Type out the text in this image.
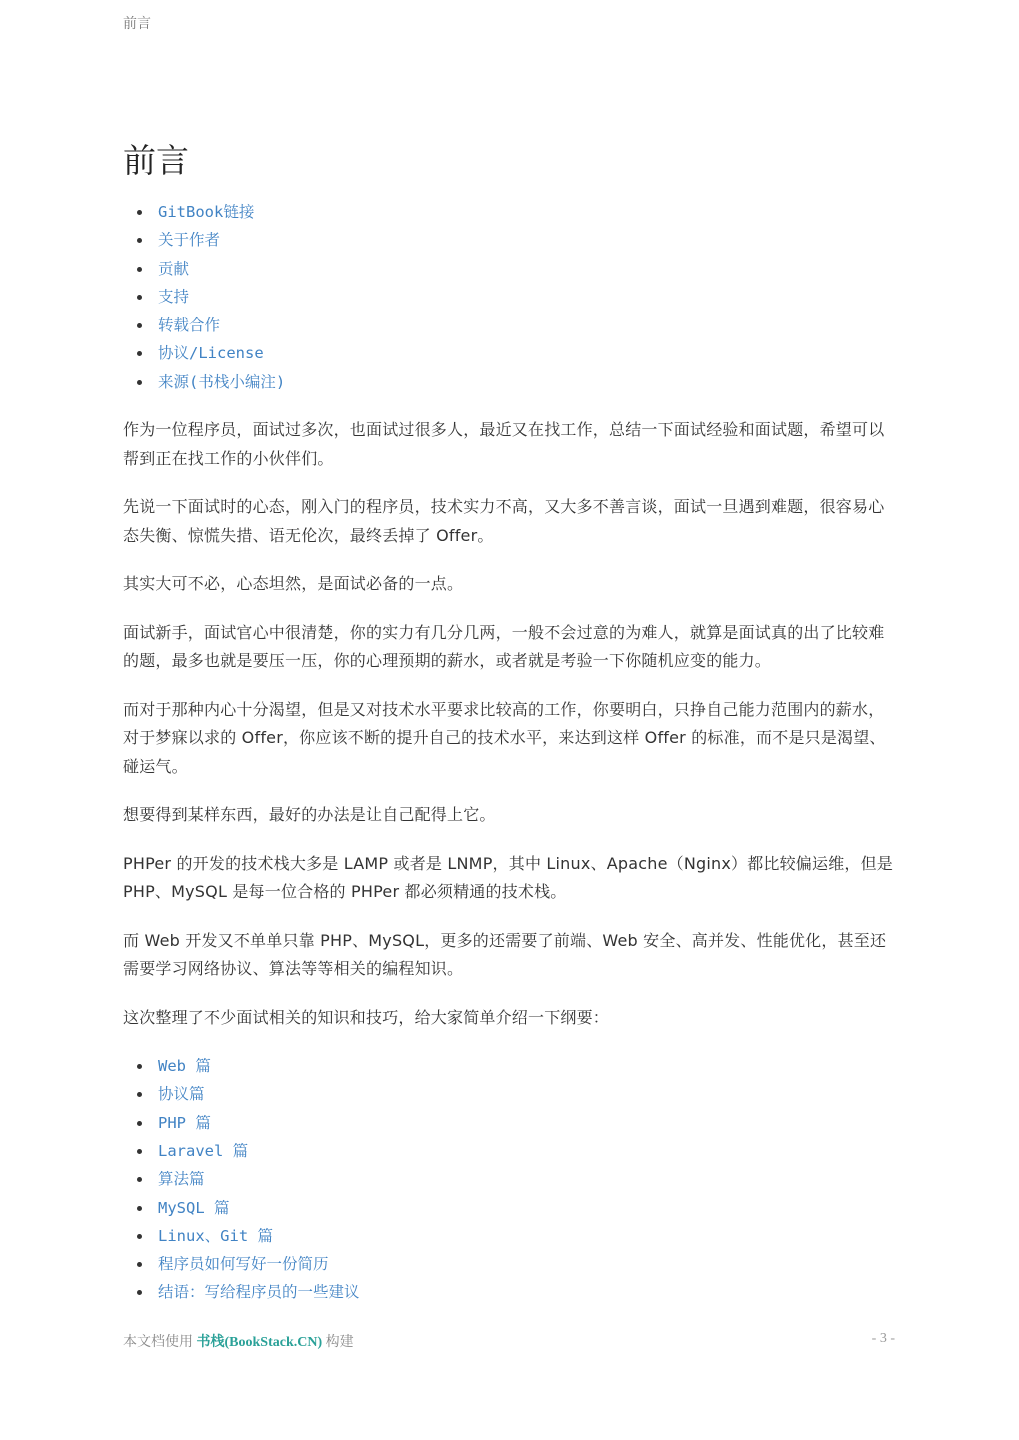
前言
前言
GitBook链接
关于作者
贡献
支持
转载合作
协议/License
来源(书栈小编注)

作为一位程序员，面试过多次，也面试过很多人，最近又在找工作，总结一下面试经验和面试题，希望可以帮到正在找工作的小伙伴们。

先说一下面试时的心态，刚入门的程序员，技术实力不高，又大多不善言谈，面试一旦遇到难题，很容易心态失衡、惊慌失措、语无伦次，最终丢掉了 Offer。

其实大可不必，心态坦然，是面试必备的一点。

面试新手，面试官心中很清楚，你的实力有几分几两，一般不会过意的为难人，就算是面试真的出了比较难的题，最多也就是要压一压，你的心理预期的薪水，或者就是考验一下你随机应变的能力。

而对于那种内心十分渴望，但是又对技术水平要求比较高的工作，你要明白，只挣自己能力范围内的薪水，对于梦寐以求的 Offer，你应该不断的提升自己的技术水平，来达到这样 Offer 的标准，而不是只是渴望、碰运气。

想要得到某样东西，最好的办法是让自己配得上它。

PHPer 的开发的技术栈大多是 LAMP 或者是 LNMP，其中 Linux、Apache（Nginx）都比较偏运维，但是 PHP、MySQL 是每一位合格的 PHPer 都必须精通的技术栈。

而 Web 开发又不单单只靠 PHP、MySQL，更多的还需要了前端、Web 安全、高并发、性能优化，甚至还需要学习网络协议、算法等等相关的编程知识。

这次整理了不少面试相关的知识和技巧，给大家简单介绍一下纲要：

Web 篇
协议篇
PHP 篇
Laravel 篇
算法篇
MySQL 篇
Linux、Git 篇
程序员如何写好一份简历
结语：写给程序员的一些建议
本文档使用 书栈(BookStack.CN) 构建	- 3 -
